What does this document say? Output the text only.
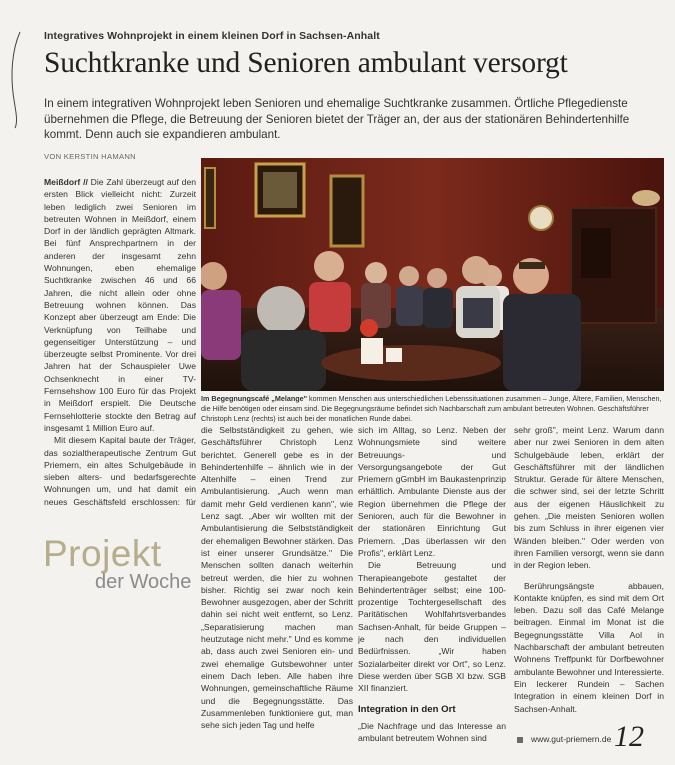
Integratives Wohnprojekt in einem kleinen Dorf in Sachsen-Anhalt
Suchtkranke und Senioren ambulant versorgt
In einem integrativen Wohnprojekt leben Senioren und ehemalige Suchtkranke zusammen. Örtliche Pflegedienste übernehmen die Pflege, die Betreuung der Senioren bietet der Träger an, der aus der stationären Behindertenhilfe kommt. Denn auch sie expandieren ambulant.
VON KERSTIN HAMANN

Meißdorf // Die Zahl überzeugt auf den ersten Blick vielleicht nicht: Zurzeit leben lediglich zwei Senioren im betreuten Wohnen in Meißdorf, einem Dorf in der ländlich geprägten Altmark. Bei fünf Ansprechpartnern in der anderen der insgesamt zehn Wohnungen, eben ehemalige Suchtkranke zwischen 46 und 66 Jahren, die nicht allein oder ohne Betreuung wohnen können. Das Konzept aber überzeugt am Ende: Die Verknüpfung von Teilhabe und gegenseitiger Unterstützung – und überzeugte selbst Prominente. Vor drei Jahren hat der Schauspieler Uwe Ochsenknecht in einer TV-Fernsehshow 100 Euro für das Projekt in Meißdorf erspielt. Die Deutsche Fernsehlotterie stockte den Betrag auf insgesamt 1 Million Euro auf.

Mit diesem Kapital baute der Träger, das sozialtherapeutische Zentrum Gut Priemern, ein altes Schulgebäude in sieben alters- und bedarfsgerechte Wohnungen um, und hat damit ein neues Geschäftsfeld erschlossen: für

Projekt
der Woche

Im Begegnungscafé „Melange" kommen Menschen aus unterschiedlichen Lebenssituationen zusammen – Junge, Ältere, Familien, Menschen, die Hilfe benötigen oder einsam sind. Die Begegnungsräume befindet sich Nachbarschaft zum ambulant betreuten Wohnen. Geschäftsführer Christoph Lenz (rechts) ist auch bei der monatlichen Runde dabei.

die Selbstständigkeit zu gehen, wie Geschäftsführer Christoph Lenz berichtet. Generell gebe es in der Behindertenhilfe – ähnlich wie in der Altenhilfe – einen Trend zur Ambulantisierung. „Auch wenn man damit mehr Geld verdienen kann", wie Lenz sagt. „Aber wir wollten mit der Ambulantisierung die Selbstständigkeit der ehemaligen Bewohner stärken. Das ist einer unserer Grundsätze." Die Menschen sollten danach weiterhin betreut werden, die hier zu wohnen bisher. Richtig sei zwar noch kein Bewohner ausgezogen, aber der Schritt dahin sei nicht weit entfernt, so Lenz. „Separatisierung machen man heutzutage nicht mehr." Und es komme ab, dass auch zwei Senioren ein- und zwei ehemalige Gutsbewohner unter einem Dach leben. Alle haben ihre Wohnungen, gemeinschaftliche Räume und die Begegnungsstätte. Das Zusammenleben funktioniere gut, man sehe sich jeden Tag und helfe

sich im Alltag, so Lenz. Neben der Wohnungsmiete sind weitere Betreuungs- und Versorgungsangebote der Gut Priemern gGmbH im Baukastenprinzip erhältlich. Ambulante Dienste aus der Region übernehmen die Pflege der Senioren, auch für die Bewohner in der stationären Einrichtung Gut Priemern. „Das überlassen wir den Profis", erklärt Lenz.

Die Betreuung und Therapieangebote gestaltet der Behindertenträger selbst; eine 100-prozentige Tochtergesellschaft des Paritätischen Wohlfahrtsverbandes Sachsen-Anhalt, für beide Gruppen – je nach den individuellen Bedürfnissen. „Wir haben Sozialarbeiter direkt vor Ort", so Lenz. Diese werden über SGB XI bzw. SGB XII finanziert.

Integration in den Ort

„Die Nachfrage und das Interesse an ambulant betreutem Wohnen sind

sehr groß", meint Lenz. Warum dann aber nur zwei Senioren in dem alten Schulgebäude leben, erklärt der Geschäftsführer mit der ländlichen Struktur. Gerade für ältere Menschen, die schwer sind, sei der letzte Schritt aus der eigenen Häuslichkeit zu gehen. „Die meisten Senioren wollen bis zum Schluss in ihrer eigenen vier Wänden bleiben." Oder werden von ihren Familien versorgt, wenn sie dann in der Region leben.

Berührungsängste abbauen, Kontakte knüpfen, es sind mit dem Ort leben. Dazu soll das Café Melange beitragen. Einmal im Monat ist die Begegnungsstätte Villa Aol in Nachbarschaft der ambulant betreuten Wohnens Treffpunkt für Dorfbewohner ambulante Bewohner und Interessierte. Ein leckerer Rundein – Sachen Integration in einem kleinen Dorf in Sachsen-Anhalt.

www.gut-priemern.de 12
